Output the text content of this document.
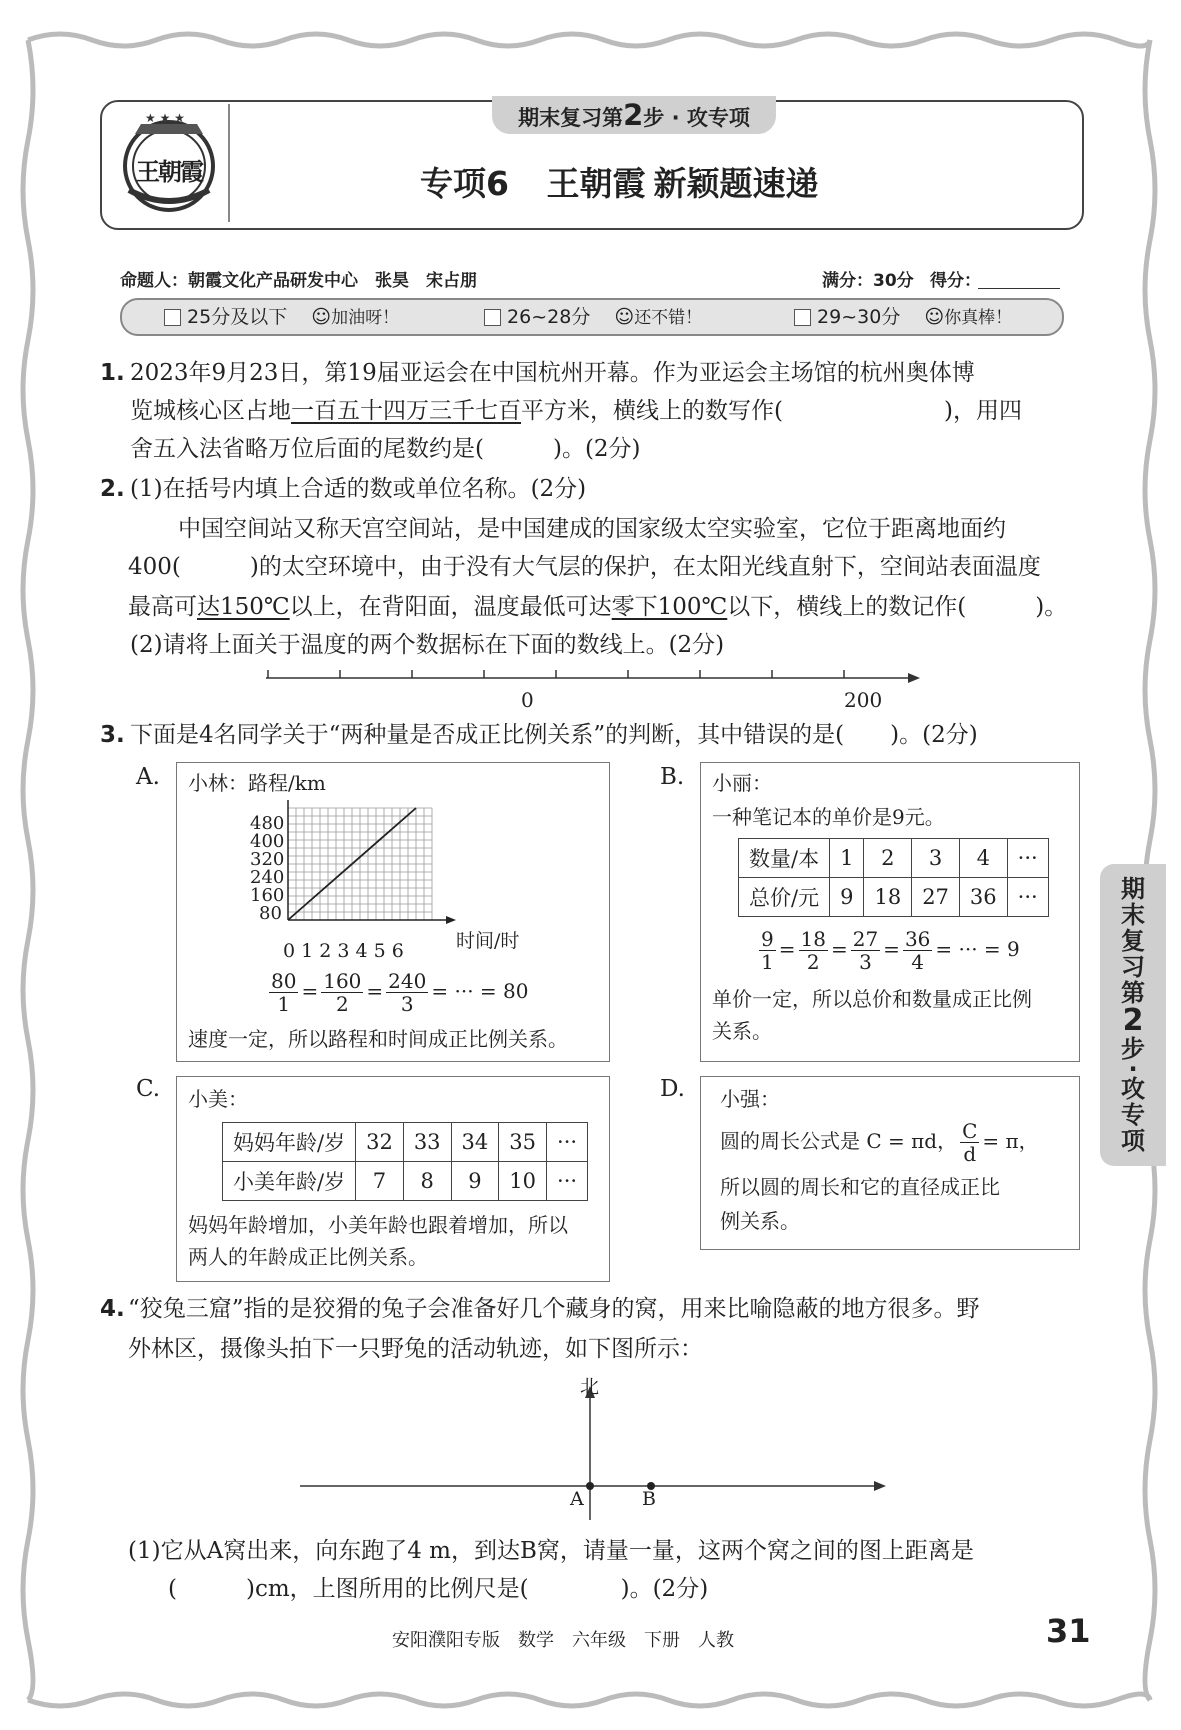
★ ★ ★
王朝霞
期末复习第2步 · 攻专项
专项6 王朝霞 新颖题速递
命题人：朝霞文化产品研发中心　张昊　宋占朋	满分：30分 得分：
25分及以下 ☺加油呀！	26~28分 ☺还不错！	29~30分 ☺你真棒！
1. 2023年9月23日，第19届亚运会在中国杭州开幕。作为亚运会主场馆的杭州奥体博
览城核心区占地一百五十四万三千七百平方米，横线上的数写作(　　　　　　　)，用四
舍五入法省略万位后面的尾数约是(　　　)。(2分)
2. (1)在括号内填上合适的数或单位名称。(2分)
中国空间站又称天宫空间站，是中国建成的国家级太空实验室，它位于距离地面约
400(　　　)的太空环境中，由于没有大气层的保护，在太阳光线直射下，空间站表面温度
最高可达150℃以上，在背阳面，温度最低可达零下100℃以下，横线上的数记作(　　　)。
(2)请将上面关于温度的两个数据标在下面的数线上。(2分)
0	200
3. 下面是4名同学关于“两种量是否成正比例关系”的判断，其中错误的是(　　)。(2分)
A. 小林：路程/km
480
400
320
240
160
80
0 1 2 3 4 5 6	时间/时
$\frac{80}{1} = \frac{160}{2} = \frac{240}{3}$ = ··· = 80
速度一定，所以路程和时间成正比例关系。
B. 小丽：
一种笔记本的单价是9元。
数量/本	1	2	3	4	···
总价/元	9	18	27	36	···
$\frac{9}{1} = \frac{18}{2} = \frac{27}{3} = \frac{36}{4}$ = ··· = 9
单价一定，所以总价和数量成正比例
关系。
C. 小美：
妈妈年龄/岁	32	33	34	35	···
小美年龄/岁	7	8	9	10	···
妈妈年龄增加，小美年龄也跟着增加，所以
两人的年龄成正比例关系。
D. 小强：
圆的周长公式是 C = πd， $\frac{C}{d} = \pi$，
所以圆的周长和它的直径成正比
例关系。
4. “狡兔三窟”指的是狡猾的兔子会准备好几个藏身的窝，用来比喻隐蔽的地方很多。野
外林区，摄像头拍下一只野兔的活动轨迹，如下图所示：
北
A	B
(1)它从A窝出来，向东跑了4 m，到达B窝，请量一量，这两个窝之间的图上距离是
(　　　)cm，上图所用的比例尺是(　　　　)。(2分)
安阳濮阳专版　数学　六年级　下册　人教	31
期
末
复
习
第
2
步
·
攻
专
项
